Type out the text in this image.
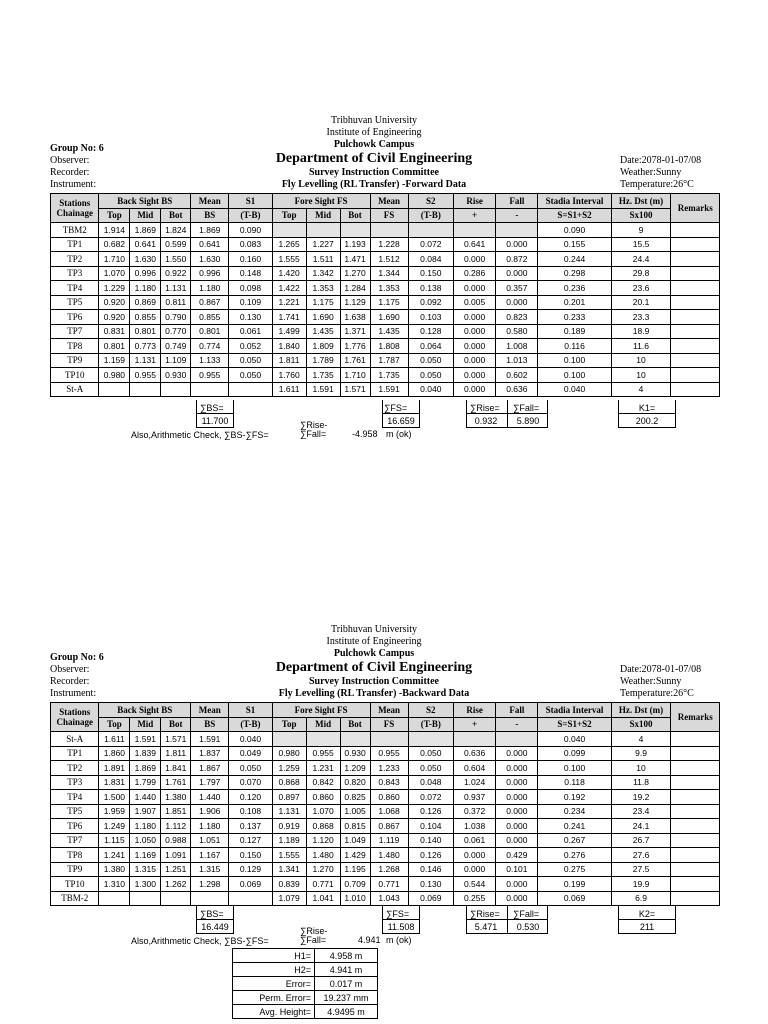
Tribhuvan University
Institute of Engineering
Pulchowk Campus
Department of Civil Engineering
Survey Instruction Committee
Fly Levelling (RL Transfer) -Forward Data
Group No: 6
Observer:
Recorder:
Instrument:
Date:2078-01-07/08
Weather:Sunny
Temperature:26°C
Stations
Chainage	Back Sight BS			Mean	S1	Fore Sight FS			Mean	S2	Rise	Fall	Stadia Interval	Hz. Dst (m)	Remarks
	Top	Mid	Bot	BS	(T-B)	Top	Mid	Bot	FS	(T-B)	+	-	S=S1+S2	Sx100	
TBM2	1.914	1.869	1.824	1.869	0.090								0.090	9	
TP1	0.682	0.641	0.599	0.641	0.083	1.265	1.227	1.193	1.228	0.072	0.641	0.000	0.155	15.5	
TP2	1.710	1.630	1.550	1.630	0.160	1.555	1.511	1.471	1.512	0.084	0.000	0.872	0.244	24.4	
TP3	1.070	0.996	0.922	0.996	0.148	1.420	1.342	1.270	1.344	0.150	0.286	0.000	0.298	29.8	
TP4	1.229	1.180	1.131	1.180	0.098	1.422	1.353	1.284	1.353	0.138	0.000	0.357	0.236	23.6	
TP5	0.920	0.869	0.811	0.867	0.109	1.221	1.175	1.129	1.175	0.092	0.005	0.000	0.201	20.1	
TP6	0.920	0.855	0.790	0.855	0.130	1.741	1.690	1.638	1.690	0.103	0.000	0.823	0.233	23.3	
TP7	0.831	0.801	0.770	0.801	0.061	1.499	1.435	1.371	1.435	0.128	0.000	0.580	0.189	18.9	
TP8	0.801	0.773	0.749	0.774	0.052	1.840	1.809	1.776	1.808	0.064	0.000	1.008	0.116	11.6	
TP9	1.159	1.131	1.109	1.133	0.050	1.811	1.789	1.761	1.787	0.050	0.000	1.013	0.100	10	
TP10	0.980	0.955	0.930	0.955	0.050	1.760	1.735	1.710	1.735	0.050	0.000	0.602	0.100	10	
St-A						1.611	1.591	1.571	1.591	0.040	0.000	0.636	0.040	4	
∑BS=
11.700
∑FS=
16.659
∑Rise=
0.932
∑Fall=
5.890
K1=
200.2
∑Rise-
∑Fall=
Also,Arithmetic Check, ∑BS-∑FS=	-4.958 m (ok)
Tribhuvan University
Institute of Engineering
Pulchowk Campus
Department of Civil Engineering
Survey Instruction Committee
Fly Levelling (RL Transfer) -Backward Data
Group No: 6
Observer:
Recorder:
Instrument:
Date:2078-01-07/08
Weather:Sunny
Temperature:26°C
Stations
Chainage	Back Sight BS			Mean	S1	Fore Sight FS			Mean	S2	Rise	Fall	Stadia Interval	Hz. Dst (m)	Remarks
	Top	Mid	Bot	BS	(T-B)	Top	Mid	Bot	FS	(T-B)	+	-	S=S1+S2	Sx100	
St-A	1.611	1.591	1.571	1.591	0.040								0.040	4	
TP1	1.860	1.839	1.811	1.837	0.049	0.980	0.955	0.930	0.955	0.050	0.636	0.000	0.099	9.9	
TP2	1.891	1.869	1.841	1.867	0.050	1.259	1.231	1.209	1.233	0.050	0.604	0.000	0.100	10	
TP3	1.831	1.799	1.761	1.797	0.070	0.868	0.842	0.820	0.843	0.048	1.024	0.000	0.118	11.8	
TP4	1.500	1.440	1.380	1.440	0.120	0.897	0.860	0.825	0.860	0.072	0.937	0.000	0.192	19.2	
TP5	1.959	1.907	1.851	1.906	0.108	1.131	1.070	1.005	1.068	0.126	0.372	0.000	0.234	23.4	
TP6	1.249	1.180	1.112	1.180	0.137	0.919	0.868	0.815	0.867	0.104	1.038	0.000	0.241	24.1	
TP7	1.115	1.050	0.988	1.051	0.127	1.189	1.120	1.049	1.119	0.140	0.061	0.000	0.267	26.7	
TP8	1.241	1.169	1.091	1.167	0.150	1.555	1.480	1.429	1.480	0.126	0.000	0.429	0.276	27.6	
TP9	1.380	1.315	1.251	1.315	0.129	1.341	1.270	1.195	1.268	0.146	0.000	0.101	0.275	27.5	
TP10	1.310	1.300	1.262	1.298	0.069	0.839	0.771	0.709	0.771	0.130	0.544	0.000	0.199	19.9	
TBM-2						1.079	1.041	1.010	1.043	0.069	0.255	0.000	0.069	6.9	
∑BS=
16.449
∑FS=
11.508
∑Rise=
5.471
∑Fall=
0.530
K2=
211
∑Rise-
∑Fall=
Also,Arithmetic Check, ∑BS-∑FS=	4.941 m (ok)
H1=	4.958 m
H2=	4.941 m
Error=	0.017 m
Perm. Error=	19.237 mm
Avg. Height=	4.9495 m
